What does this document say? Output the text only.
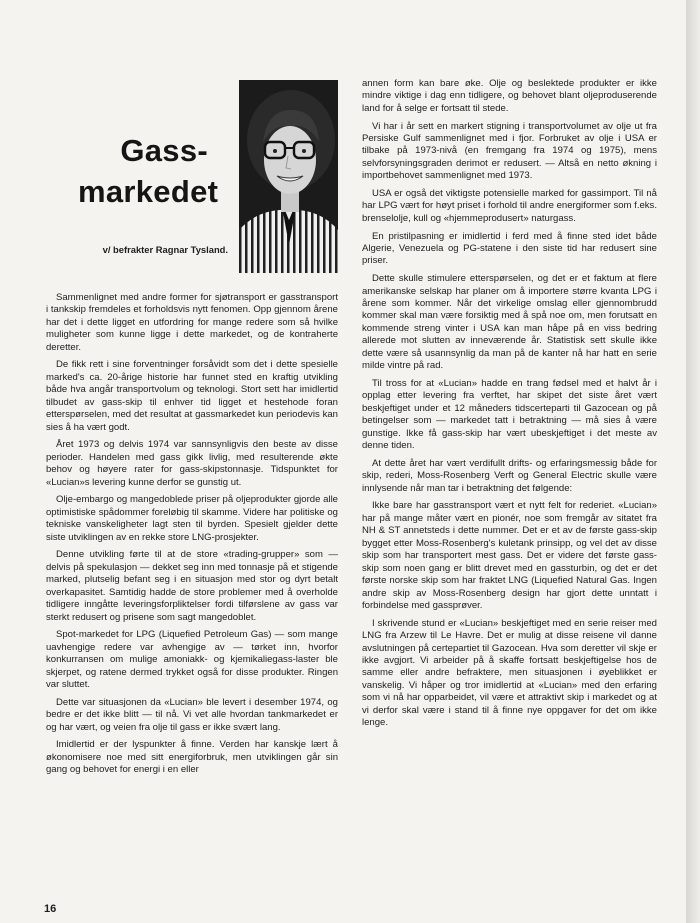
Gass-
markedet
v/ befrakter Ragnar Tysland.

Sammenlignet med andre former for sjøtransport er gasstransport i tankskip fremdeles et forholdsvis nytt fenomen. Opp gjennom årene har det i dette ligget en utfordring for mange redere som så hvilke muligheter som kunne ligge i dette markedet, og de kontraherte deretter.

De fikk rett i sine forventninger forsåvidt som det i dette spesielle marked's ca. 20-årige historie har funnet sted en kraftig utvikling både hva angår transportvolum og teknologi. Stort sett har imidlertid tilbudet av gass-skip til enhver tid ligget et hestehode foran etterspørselen, med det resultat at gassmarkedet kun periodevis kan sies å ha vært godt.

Året 1973 og delvis 1974 var sannsynligvis den beste av disse perioder. Handelen med gass gikk livlig, med resulterende økte behov og høyere rater for gass-skipstonnasje. Tidspunktet for «Lucian»s levering kunne derfor se gunstig ut.

Olje-embargo og mangedoblede priser på oljeprodukter gjorde alle optimistiske spådommer foreløbig til skamme. Videre har politiske og tekniske vanskeligheter lagt sten til byrden. Spesielt gjelder dette siste utviklingen av en rekke store LNG-prosjekter.

Denne utvikling førte til at de store «trading-grupper» som — delvis på spekulasjon — dekket seg inn med tonnasje på et stigende marked, plutselig befant seg i en situasjon med stor og dyrt betalt overkapasitet. Samtidig hadde de store problemer med å overholde tidligere inngåtte leveringsforpliktelser fordi tilførslene av gass var sterkt redusert og prisene som sagt mangedoblet.

Spot-markedet for LPG (Liquefied Petroleum Gas) — som mange uavhengige redere var avhengige av — tørket inn, hvorfor konkurransen om mulige amoniakk- og kjemikaliegass-laster ble skjerpet, og ratene dermed trykket også for disse produkter. Ringen var sluttet.

Dette var situasjonen da «Lucian» ble levert i desember 1974, og bedre er det ikke blitt — til nå. Vi vet alle hvordan tankmarkedet er og har vært, og veien fra olje til gass er ikke svært lang.

Imidlertid er der lyspunkter å finne. Verden har kanskje lært å økonomisere noe med sitt energiforbruk, men utviklingen går sin gang og behovet for energi i en eller

annen form kan bare øke. Olje og beslektede produkter er ikke mindre viktige i dag enn tidligere, og behovet blant oljeproduserende land for å selge er fortsatt til stede.

Vi har i år sett en markert stigning i transportvolumet av olje ut fra Persiske Gulf sammenlignet med i fjor. Forbruket av olje i USA er tilbake på 1973-nivå (en fremgang fra 1974 og 1975), mens selvforsyningsgraden derimot er redusert. — Altså en netto økning i importbehovet sammenlignet med 1973.

USA er også det viktigste potensielle marked for gassimport. Til nå har LPG vært for høyt priset i forhold til andre energiformer som f.eks. brenselolje, kull og «hjemmeprodusert» naturgass.

En pristilpasning er imidlertid i ferd med å finne sted idet både Algerie, Venezuela og PG-statene i den siste tid har redusert sine priser.

Dette skulle stimulere etterspørselen, og det er et faktum at flere amerikanske selskap har planer om å importere større kvanta LPG i årene som kommer. Når det virkelige omslag eller gjennombrudd kommer skal man være forsiktig med å spå noe om, men forutsatt en kommende streng vinter i USA kan man håpe på en viss bedring allerede mot slutten av inneværende år. Statistisk sett skulle ikke dette være så usannsynlig da man på de kanter nå har hatt en serie milde vintre på rad.

Til tross for at «Lucian» hadde en trang fødsel med et halvt år i opplag etter levering fra verftet, har skipet det siste året vært beskjeftiget under et 12 måneders tidscerteparti til Gazocean og på betingelser som — markedet tatt i betraktning — må sies å være gunstige. Ikke få gass-skip har vært ubeskjeftiget i det meste av denne tiden.

At dette året har vært verdifullt drifts- og erfaringsmessig både for skip, rederi, Moss-Rosenberg Verft og General Electric skulle være innlysende når man tar i betraktning det følgende:

Ikke bare har gasstransport vært et nytt felt for rederiet. «Lucian» har på mange måter vært en pionér, noe som fremgår av sitatet fra NH & ST annetsteds i dette nummer. Det er et av de første gass-skip bygget etter Moss-Rosenberg's kuletank prinsipp, og vel det av disse skip som har transportert mest gass. Det er videre det første gass-skip som noen gang er blitt drevet med en gassturbin, og det er det første norske skip som har fraktet LNG (Liquefied Natural Gas. Ingen andre skip av Moss-Rosenberg design har gjort dette unntatt i forbindelse med gassprøver.

I skrivende stund er «Lucian» beskjeftiget med en serie reiser med LNG fra Arzew til Le Havre. Det er mulig at disse reisene vil danne avslutningen på certepartiet til Gazocean. Hva som deretter vil skje er ikke avgjort. Vi arbeider på å skaffe fortsatt beskjeftigelse hos de samme eller andre befraktere, men situasjonen i øyeblikket er vanskelig. Vi håper og tror imidlertid at «Lucian» med den erfaring som vi nå har opparbeidet, vil være et attraktivt skip i markedet og at vi derfor skal være i stand til å finne nye oppgaver for det om ikke lenge.

16
